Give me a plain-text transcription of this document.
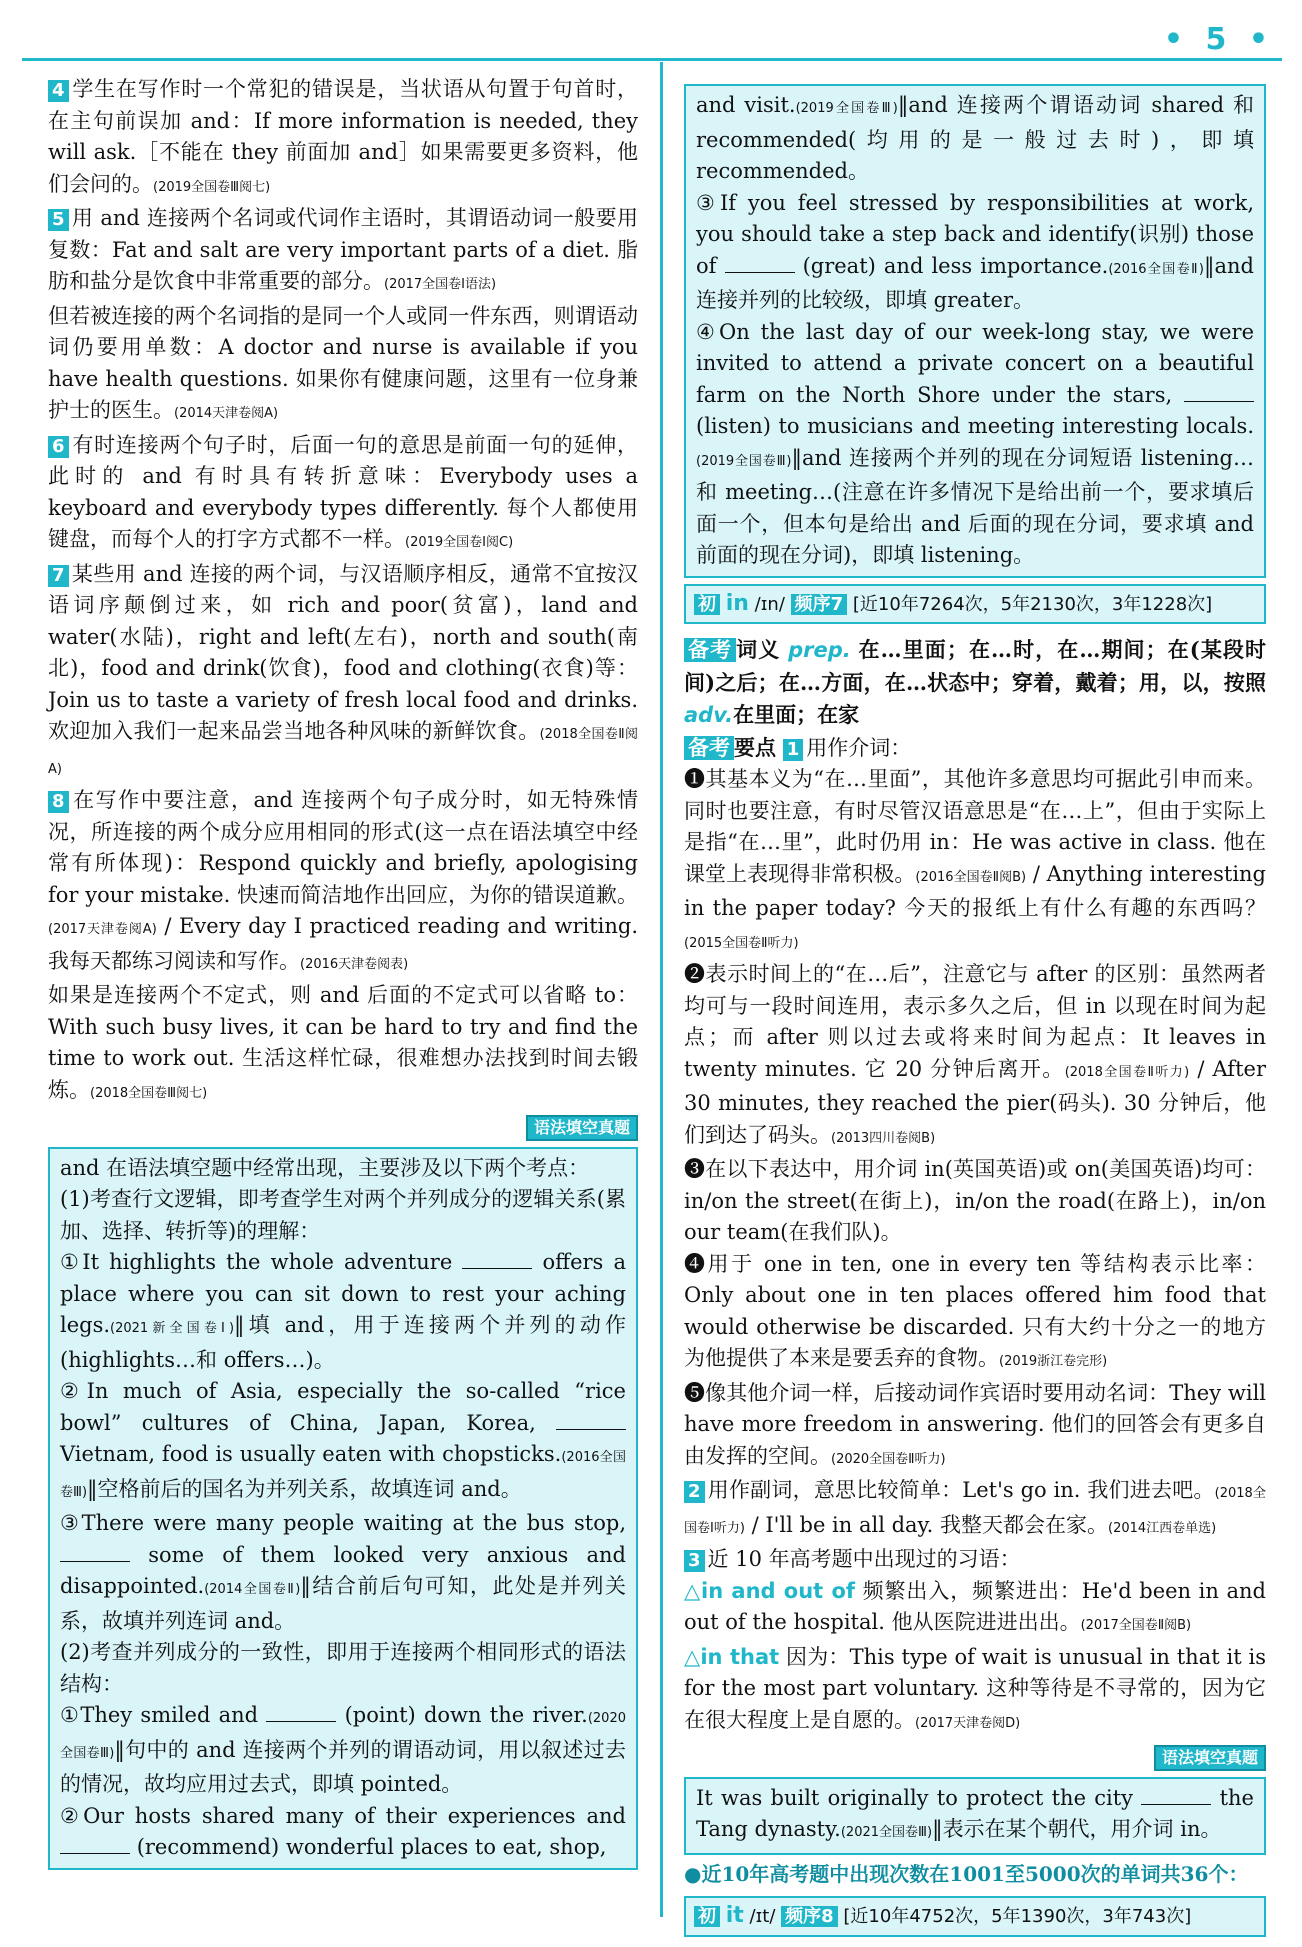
• 5 •

4 学生在写作时一个常犯的错误是，当状语从句置于句首时，在主句前误加 and：If more information is needed, they will ask.［不能在 they 前面加 and］如果需要更多资料，他们会问的。(2019全国卷Ⅲ阅七)

5 用 and 连接两个名词或代词作主语时，其谓语动词一般要用复数：Fat and salt are very important parts of a diet. 脂肪和盐分是饮食中非常重要的部分。(2017全国卷Ⅰ语法)

但若被连接的两个名词指的是同一个人或同一件东西，则谓语动词仍要用单数：A doctor and nurse is available if you have health questions. 如果你有健康问题，这里有一位身兼护士的医生。(2014天津卷阅A)

6 有时连接两个句子时，后面一句的意思是前面一句的延伸，此时的 and 有时具有转折意味：Everybody uses a keyboard and everybody types differently. 每个人都使用键盘，而每个人的打字方式都不一样。(2019全国卷Ⅰ阅C)

7 某些用 and 连接的两个词，与汉语顺序相反，通常不宜按汉语词序颠倒过来，如 rich and poor(贫富)，land and water(水陆)，right and left(左右)，north and south(南北)，food and drink(饮食)，food and clothing(衣食)等：Join us to taste a variety of fresh local food and drinks. 欢迎加入我们一起来品尝当地各种风味的新鲜饮食。(2018全国卷Ⅱ阅A)

8 在写作中要注意，and 连接两个句子成分时，如无特殊情况，所连接的两个成分应用相同的形式(这一点在语法填空中经常有所体现)：Respond quickly and briefly, apologising for your mistake. 快速而简洁地作出回应，为你的错误道歉。(2017天津卷阅A) / Every day I practiced reading and writing. 我每天都练习阅读和写作。(2016天津卷阅表)

如果是连接两个不定式，则 and 后面的不定式可以省略 to：With such busy lives, it can be hard to try and find the time to work out. 生活这样忙碌，很难想办法找到时间去锻炼。(2018全国卷Ⅲ阅七)

语法填空真题

and 在语法填空题中经常出现，主要涉及以下两个考点：

(1)考查行文逻辑，即考查学生对两个并列成分的逻辑关系(累加、选择、转折等)的理解：

①It highlights the whole adventure	offers a place where you can sit down to rest your aching legs.(2021新全国卷Ⅰ)‖填 and，用于连接两个并列的动作(highlights…和 offers…)。

②In much of Asia, especially the so-called “rice bowl” cultures of China, Japan, Korea,  Vietnam, food is usually eaten with chopsticks.(2016全国卷Ⅲ)‖空格前后的国名为并列关系，故填连词 and。

③There were many people waiting at the bus stop,  some of them looked very anxious and disappointed.(2014全国卷Ⅱ)‖结合前后句可知，此处是并列关系，故填并列连词 and。

(2)考查并列成分的一致性，即用于连接两个相同形式的语法结构：

①They smiled and	(point) down the river.(2020全国卷Ⅲ)‖句中的 and 连接两个并列的谓语动词，用以叙述过去的情况，故均应用过去式，即填 pointed。

②Our hosts shared many of their experiences and  (recommend) wonderful places to eat, shop,

and visit.(2019全国卷Ⅲ)‖and 连接两个谓语动词 shared 和 recommended(均用的是一般过去时)，即填 recommended。

③If you feel stressed by responsibilities at work, you should take a step back and identify(识别) those of	(great) and less importance.(2016全国卷Ⅱ)‖and 连接并列的比较级，即填 greater。

④On the last day of our week-long stay, we were invited to attend a private concert on a beautiful farm on the North Shore under the stars,  (listen) to musicians and meeting interesting locals.(2019全国卷Ⅲ)‖and 连接两个并列的现在分词短语 listening…和 meeting…(注意在许多情况下是给出前一个，要求填后面一个，但本句是给出 and 后面的现在分词，要求填 and 前面的现在分词)，即填 listening。

初 in /ɪn/ 频序7 [近10年7264次，5年2130次，3年1228次]

备考 词义 prep. 在…里面；在…时，在…期间；在(某段时间)之后；在…方面，在…状态中；穿着，戴着；用，以，按照 adv.在里面；在家

备考 要点 1 用作介词：

❶其基本义为“在…里面”，其他许多意思均可据此引申而来。同时也要注意，有时尽管汉语意思是“在…上”，但由于实际上是指“在…里”，此时仍用 in：He was active in class. 他在课堂上表现得非常积极。(2016全国卷Ⅱ阅B) / Anything interesting in the paper today? 今天的报纸上有什么有趣的东西吗？(2015全国卷Ⅱ听力)

❷表示时间上的“在…后”，注意它与 after 的区别：虽然两者均可与一段时间连用，表示多久之后，但 in 以现在时间为起点；而 after 则以过去或将来时间为起点：It leaves in twenty minutes. 它 20 分钟后离开。(2018全国卷Ⅱ听力) / After 30 minutes, they reached the pier(码头). 30 分钟后，他们到达了码头。(2013四川卷阅B)

❸在以下表达中，用介词 in(英国英语)或 on(美国英语)均可：in/on the street(在街上)，in/on the road(在路上)，in/on our team(在我们队)。

❹用于 one in ten, one in every ten 等结构表示比率：Only about one in ten places offered him food that would otherwise be discarded. 只有大约十分之一的地方为他提供了本来是要丢弃的食物。(2019浙江卷完形)

❺像其他介词一样，后接动词作宾语时要用动名词：They will have more freedom in answering. 他们的回答会有更多自由发挥的空间。(2020全国卷Ⅱ听力)

2 用作副词，意思比较简单：Let's go in. 我们进去吧。(2018全国卷Ⅰ听力) / I'll be in all day. 我整天都会在家。(2014江西卷单选)

3 近 10 年高考题中出现过的习语：

△in and out of 频繁出入，频繁进出：He'd been in and out of the hospital. 他从医院进进出出。(2017全国卷Ⅱ阅B)

△in that 因为：This type of wait is unusual in that it is for the most part voluntary. 这种等待是不寻常的，因为它在很大程度上是自愿的。(2017天津卷阅D)

语法填空真题

It was built originally to protect the city	the Tang dynasty.(2021全国卷Ⅲ)‖表示在某个朝代，用介词 in。

●近10年高考题中出现次数在1001至5000次的单词共36个：

初 it /ɪt/ 频序8 [近10年4752次，5年1390次，3年743次]
